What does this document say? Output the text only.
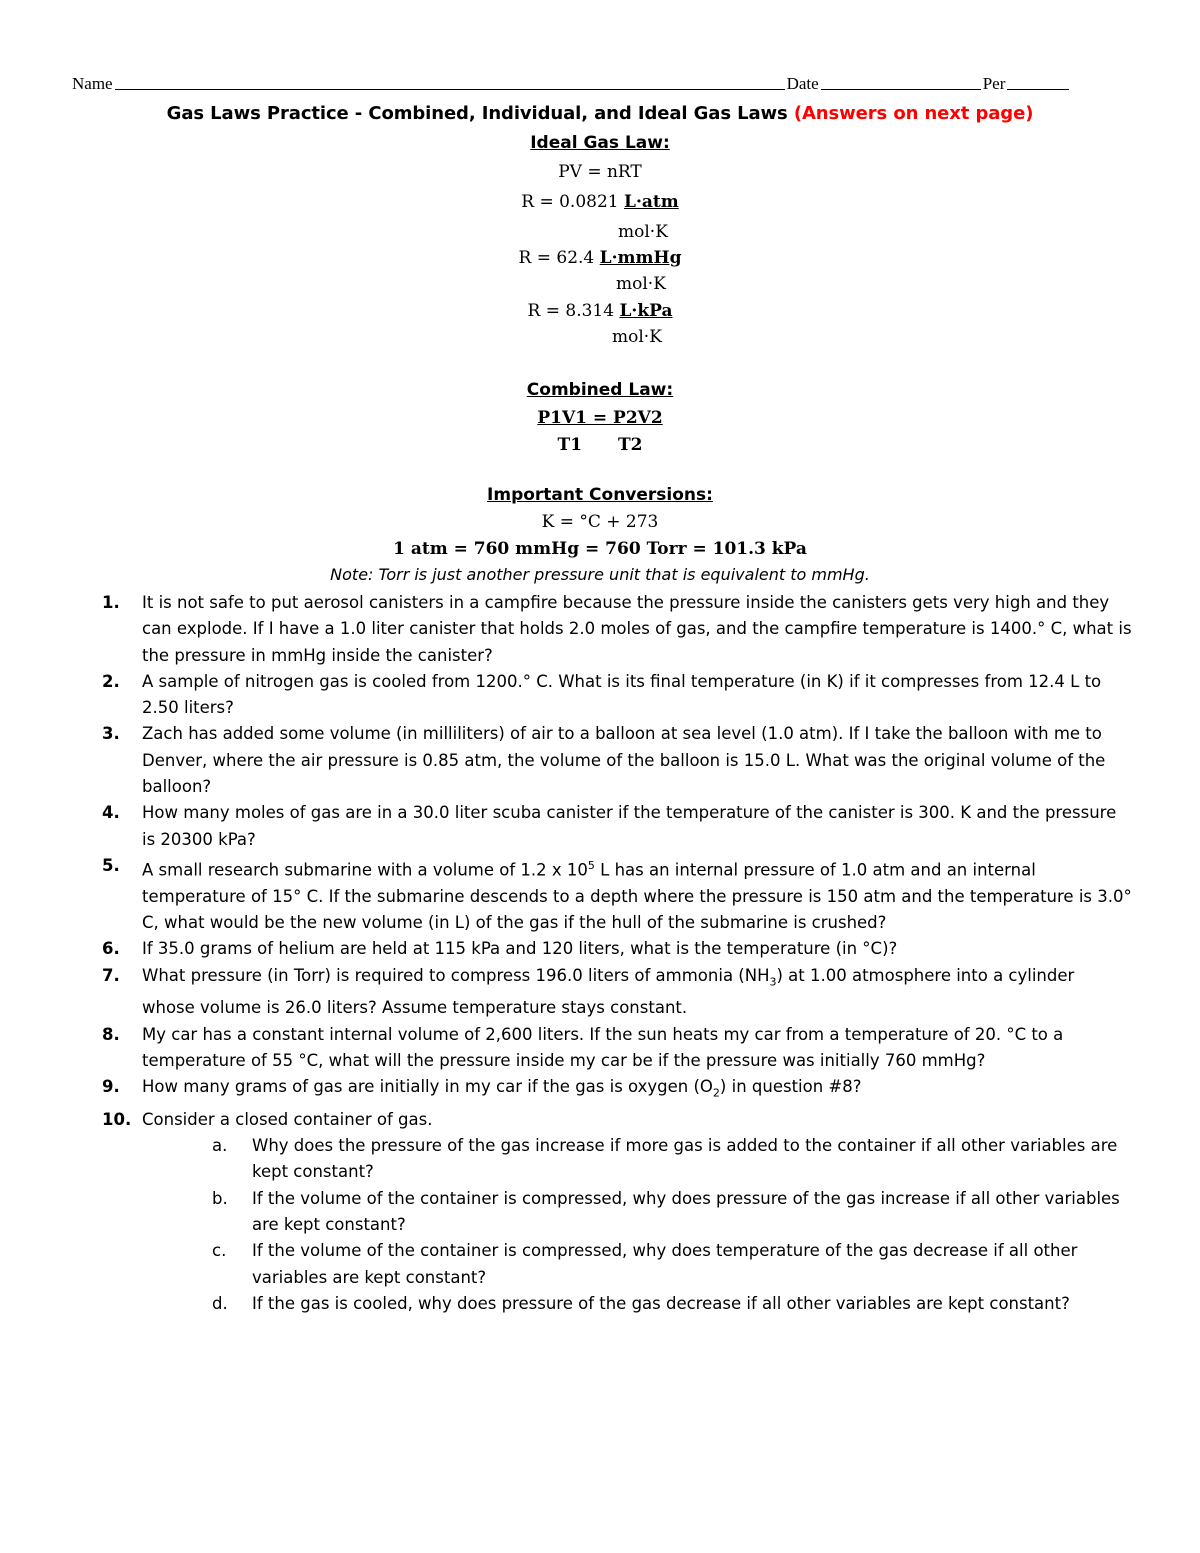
Name	Date	Per
Gas Laws Practice - Combined, Individual, and Ideal Gas Laws (Answers on next page)
Ideal Gas Law:
PV = nRT
R = 0.0821 L·atm
mol·K
R = 62.4 L·mmHg
mol·K
R = 8.314 L·kPa
mol·K
Combined Law:
P1V1 = P2V2
T1 T2
Important Conversions:
K = °C + 273
1 atm = 760 mmHg = 760 Torr = 101.3 kPa
Note: Torr is just another pressure unit that is equivalent to mmHg.
1. It is not safe to put aerosol canisters in a campfire because the pressure inside the canisters gets very high and they can explode. If I have a 1.0 liter canister that holds 2.0 moles of gas, and the campfire temperature is 1400.° C, what is the pressure in mmHg inside the canister?
2. A sample of nitrogen gas is cooled from 1200.° C. What is its final temperature (in K) if it compresses from 12.4 L to 2.50 liters?
3. Zach has added some volume (in milliliters) of air to a balloon at sea level (1.0 atm). If I take the balloon with me to Denver, where the air pressure is 0.85 atm, the volume of the balloon is 15.0 L. What was the original volume of the balloon?
4. How many moles of gas are in a 30.0 liter scuba canister if the temperature of the canister is 300. K and the pressure is 20300 kPa?
5. A small research submarine with a volume of 1.2 x $10^5$ L has an internal pressure of 1.0 atm and an internal temperature of 15° C. If the submarine descends to a depth where the pressure is 150 atm and the temperature is 3.0° C, what would be the new volume (in L) of the gas if the hull of the submarine is crushed?
6. If 35.0 grams of helium are held at 115 kPa and 120 liters, what is the temperature (in °C)?
7. What pressure (in Torr) is required to compress 196.0 liters of ammonia $(NH_3)$ at 1.00 atmosphere into a cylinder whose volume is 26.0 liters? Assume temperature stays constant.
8. My car has a constant internal volume of 2,600 liters. If the sun heats my car from a temperature of 20. °C to a temperature of 55 °C, what will the pressure inside my car be if the pressure was initially 760 mmHg?
9. How many grams of gas are initially in my car if the gas is oxygen $(O_2)$ in question #8?
10. Consider a closed container of gas.
a. Why does the pressure of the gas increase if more gas is added to the container if all other variables are kept constant?
b. If the volume of the container is compressed, why does pressure of the gas increase if all other variables are kept constant?
c. If the volume of the container is compressed, why does temperature of the gas decrease if all other variables are kept constant?
d. If the gas is cooled, why does pressure of the gas decrease if all other variables are kept constant?
